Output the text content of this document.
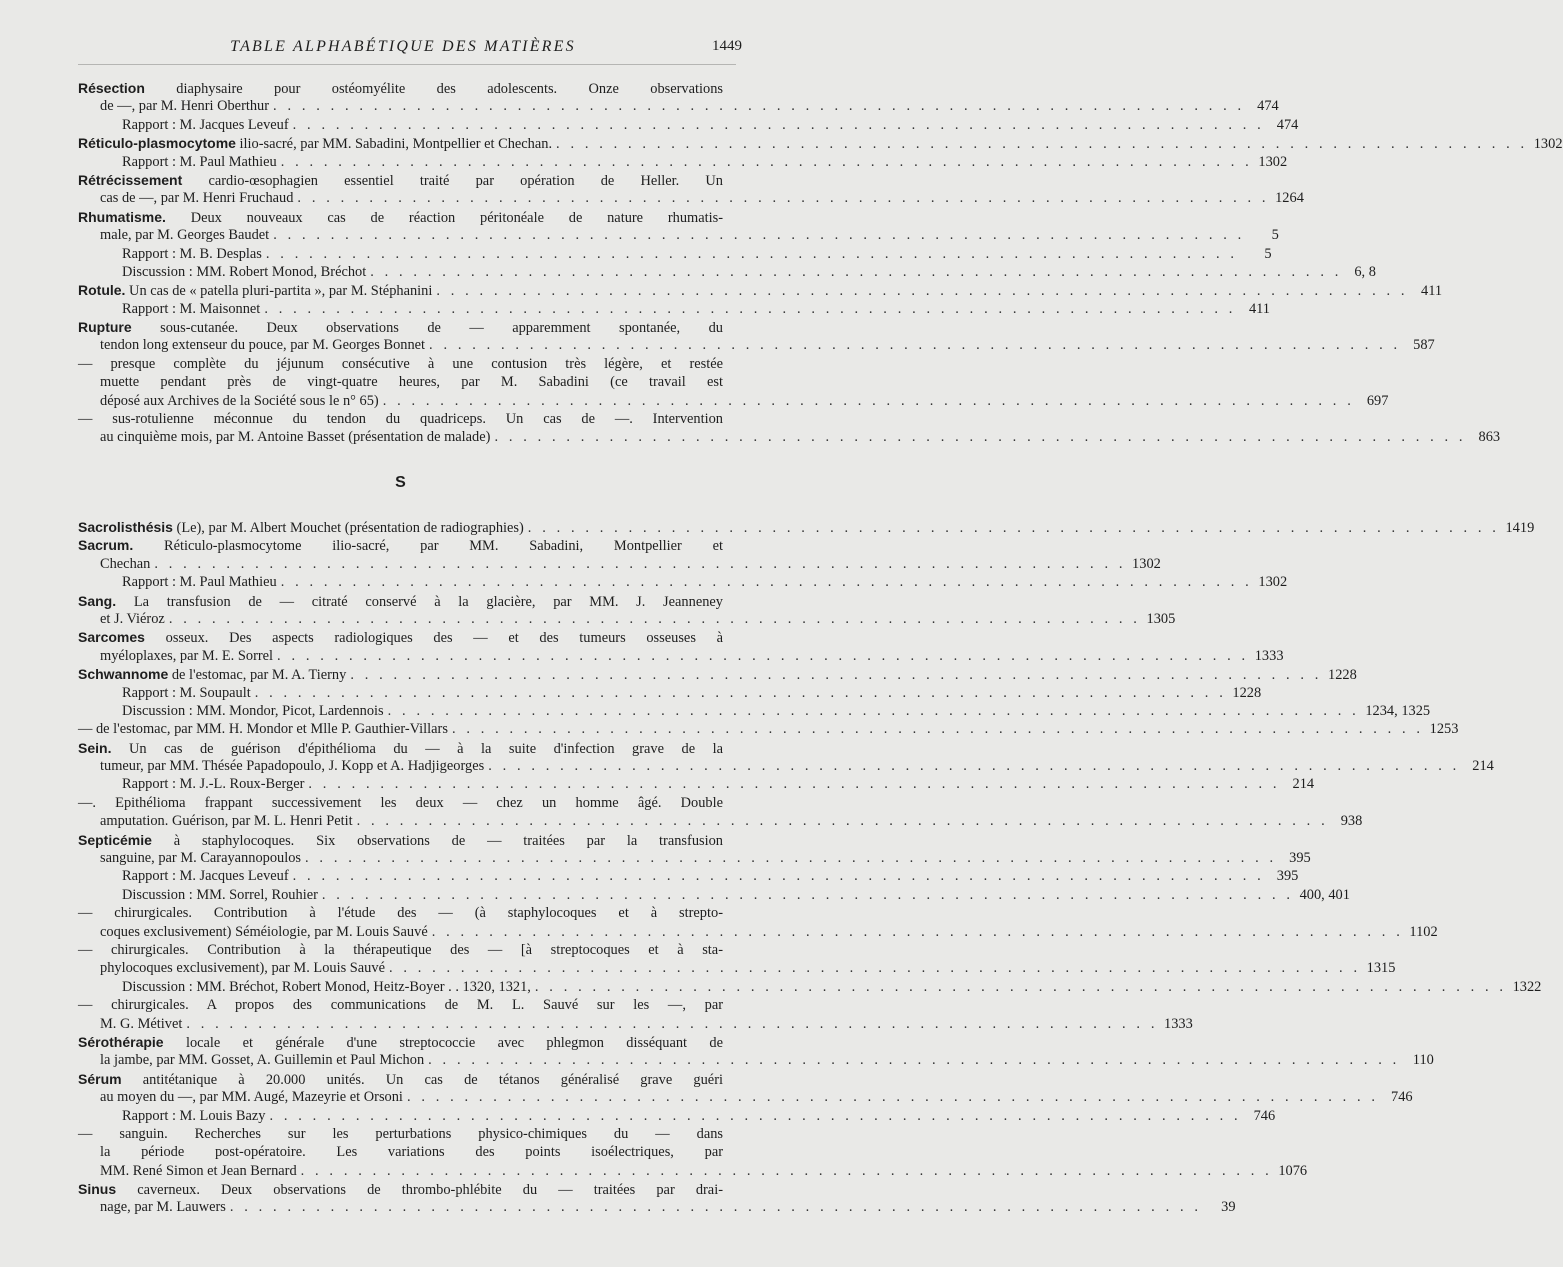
TABLE ALPHABÉTIQUE DES MATIÈRES	1449
Résection diaphysaire pour ostéomyélite des adolescents. Onze observations
de —, par M. Henri Oberthur . . .	474
Rapport : M. Jacques Leveuf . . .	474
Réticulo-plasmocytome ilio-sacré, par MM. Sabadini, Montpellier et Chechan. . . .	1302
Rapport : M. Paul Mathieu . . .	1302
Rétrécissement cardio-œsophagien essentiel traité par opération de Heller. Un
cas de —, par M. Henri Fruchaud . . .	1264
Rhumatisme. Deux nouveaux cas de réaction péritonéale de nature rhumatis-
male, par M. Georges Baudet . . .	5
Rapport : M. B. Desplas . . .	5
Discussion : MM. Robert Monod, Bréchot . . .	6, 8
Rotule. Un cas de « patella pluri-partita », par M. Stéphanini . . .	411
Rapport : M. Maisonnet . . .	411
Rupture sous-cutanée. Deux observations de — apparemment spontanée, du
tendon long extenseur du pouce, par M. Georges Bonnet . . .	587
— presque complète du jéjunum consécutive à une contusion très légère, et restée
muette pendant près de vingt-quatre heures, par M. Sabadini (ce travail est
déposé aux Archives de la Société sous le n° 65) . . .	697
— sus-rotulienne méconnue du tendon du quadriceps. Un cas de —. Intervention
au cinquième mois, par M. Antoine Basset (présentation de malade) . . .	863
S
Sacrolisthésis (Le), par M. Albert Mouchet (présentation de radiographies) . . .	1419
Sacrum. Réticulo-plasmocytome ilio-sacré, par MM. Sabadini, Montpellier et
Chechan . . .	1302
Rapport : M. Paul Mathieu . . .	1302
Sang. La transfusion de — citraté conservé à la glacière, par MM. J. Jeanneney
et J. Viéroz . . .	1305
Sarcomes osseux. Des aspects radiologiques des — et des tumeurs osseuses à
myéloplaxes, par M. E. Sorrel . . .	1333
Schwannome de l'estomac, par M. A. Tierny . . .	1228
Rapport : M. Soupault . . .	1228
Discussion : MM. Mondor, Picot, Lardennois . . .	1234, 1325
— de l'estomac, par MM. H. Mondor et Mlle P. Gauthier-Villars . . .	1253
Sein. Un cas de guérison d'épithélioma du — à la suite d'infection grave de la
tumeur, par MM. Thésée Papadopoulo, J. Kopp et A. Hadjigeorges . . .	214
Rapport : M. J.-L. Roux-Berger . . .	214
—. Epithélioma frappant successivement les deux — chez un homme âgé. Double
amputation. Guérison, par M. L. Henri Petit . . .	938
Septicémie à staphylocoques. Six observations de — traitées par la transfusion
sanguine, par M. Carayannopoulos . . .	395
Rapport : M. Jacques Leveuf . . .	395
Discussion : MM. Sorrel, Rouhier . . .	400, 401
— chirurgicales. Contribution à l'étude des — (à staphylocoques et à strepto-
coques exclusivement) Séméiologie, par M. Louis Sauvé . . .	1102
— chirurgicales. Contribution à la thérapeutique des — [à streptocoques et à sta-
phylocoques exclusivement), par M. Louis Sauvé . . .	1315
Discussion : MM. Bréchot, Robert Monod, Heitz-Boyer . . 1320, 1321, . . .	1322
— chirurgicales. A propos des communications de M. L. Sauvé sur les —, par
M. G. Métivet . . .	1333
Sérothérapie locale et générale d'une streptococcie avec phlegmon disséquant de
la jambe, par MM. Gosset, A. Guillemin et Paul Michon . . .	110
Sérum antitétanique à 20.000 unités. Un cas de tétanos généralisé grave guéri
au moyen du —, par MM. Augé, Mazeyrie et Orsoni . . .	746
Rapport : M. Louis Bazy . . .	746
— sanguin. Recherches sur les perturbations physico-chimiques du — dans
la période post-opératoire. Les variations des points isoélectriques, par
MM. René Simon et Jean Bernard . . .	1076
Sinus caverneux. Deux observations de thrombo-phlébite du — traitées par drai-
nage, par M. Lauwers . . .	39
